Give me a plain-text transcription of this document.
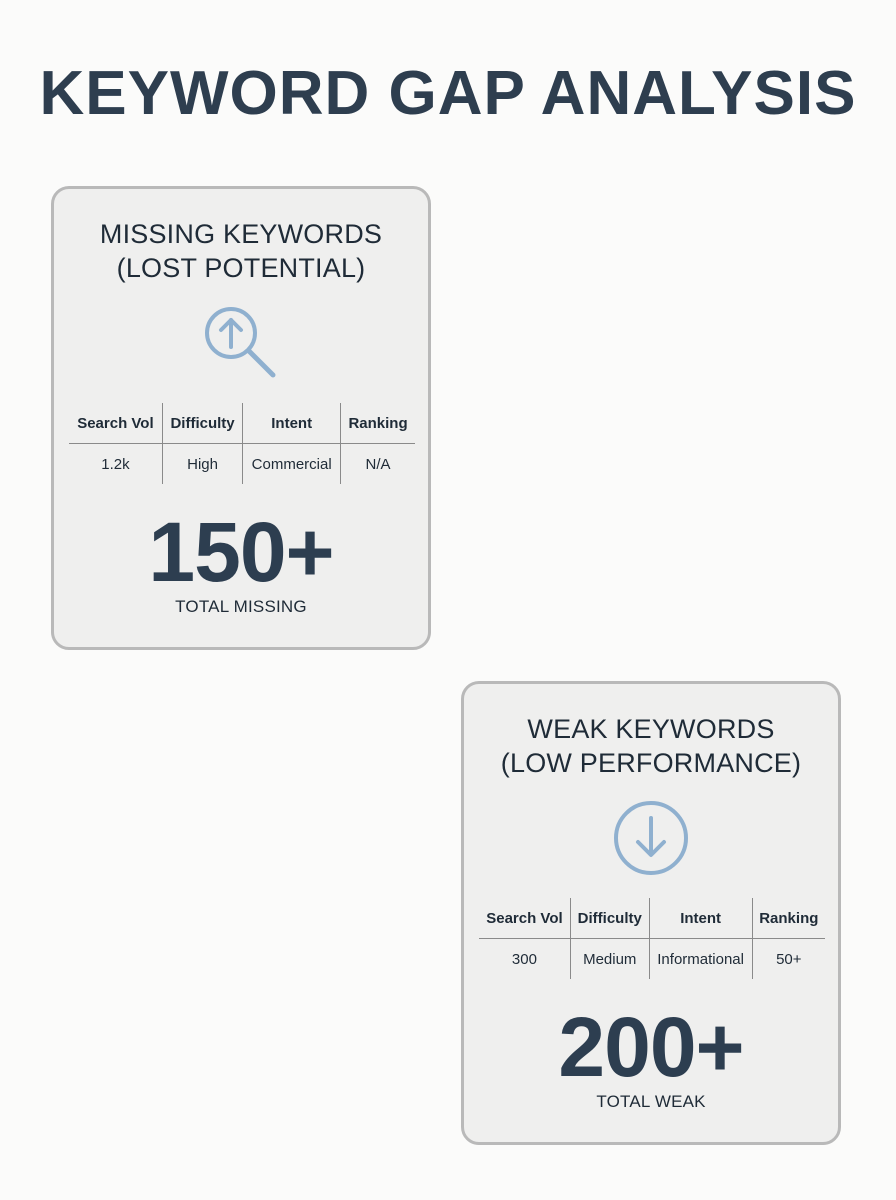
KEYWORD GAP ANALYSIS
MISSING KEYWORDS
(LOST POTENTIAL)
Search Vol	Difficulty	Intent	Ranking
1.2k	High	Commercial	N/A
150+
TOTAL MISSING
WEAK KEYWORDS
(LOW PERFORMANCE)
Search Vol	Difficulty	Intent	Ranking
300	Medium	Informational	50+
200+
TOTAL WEAK
